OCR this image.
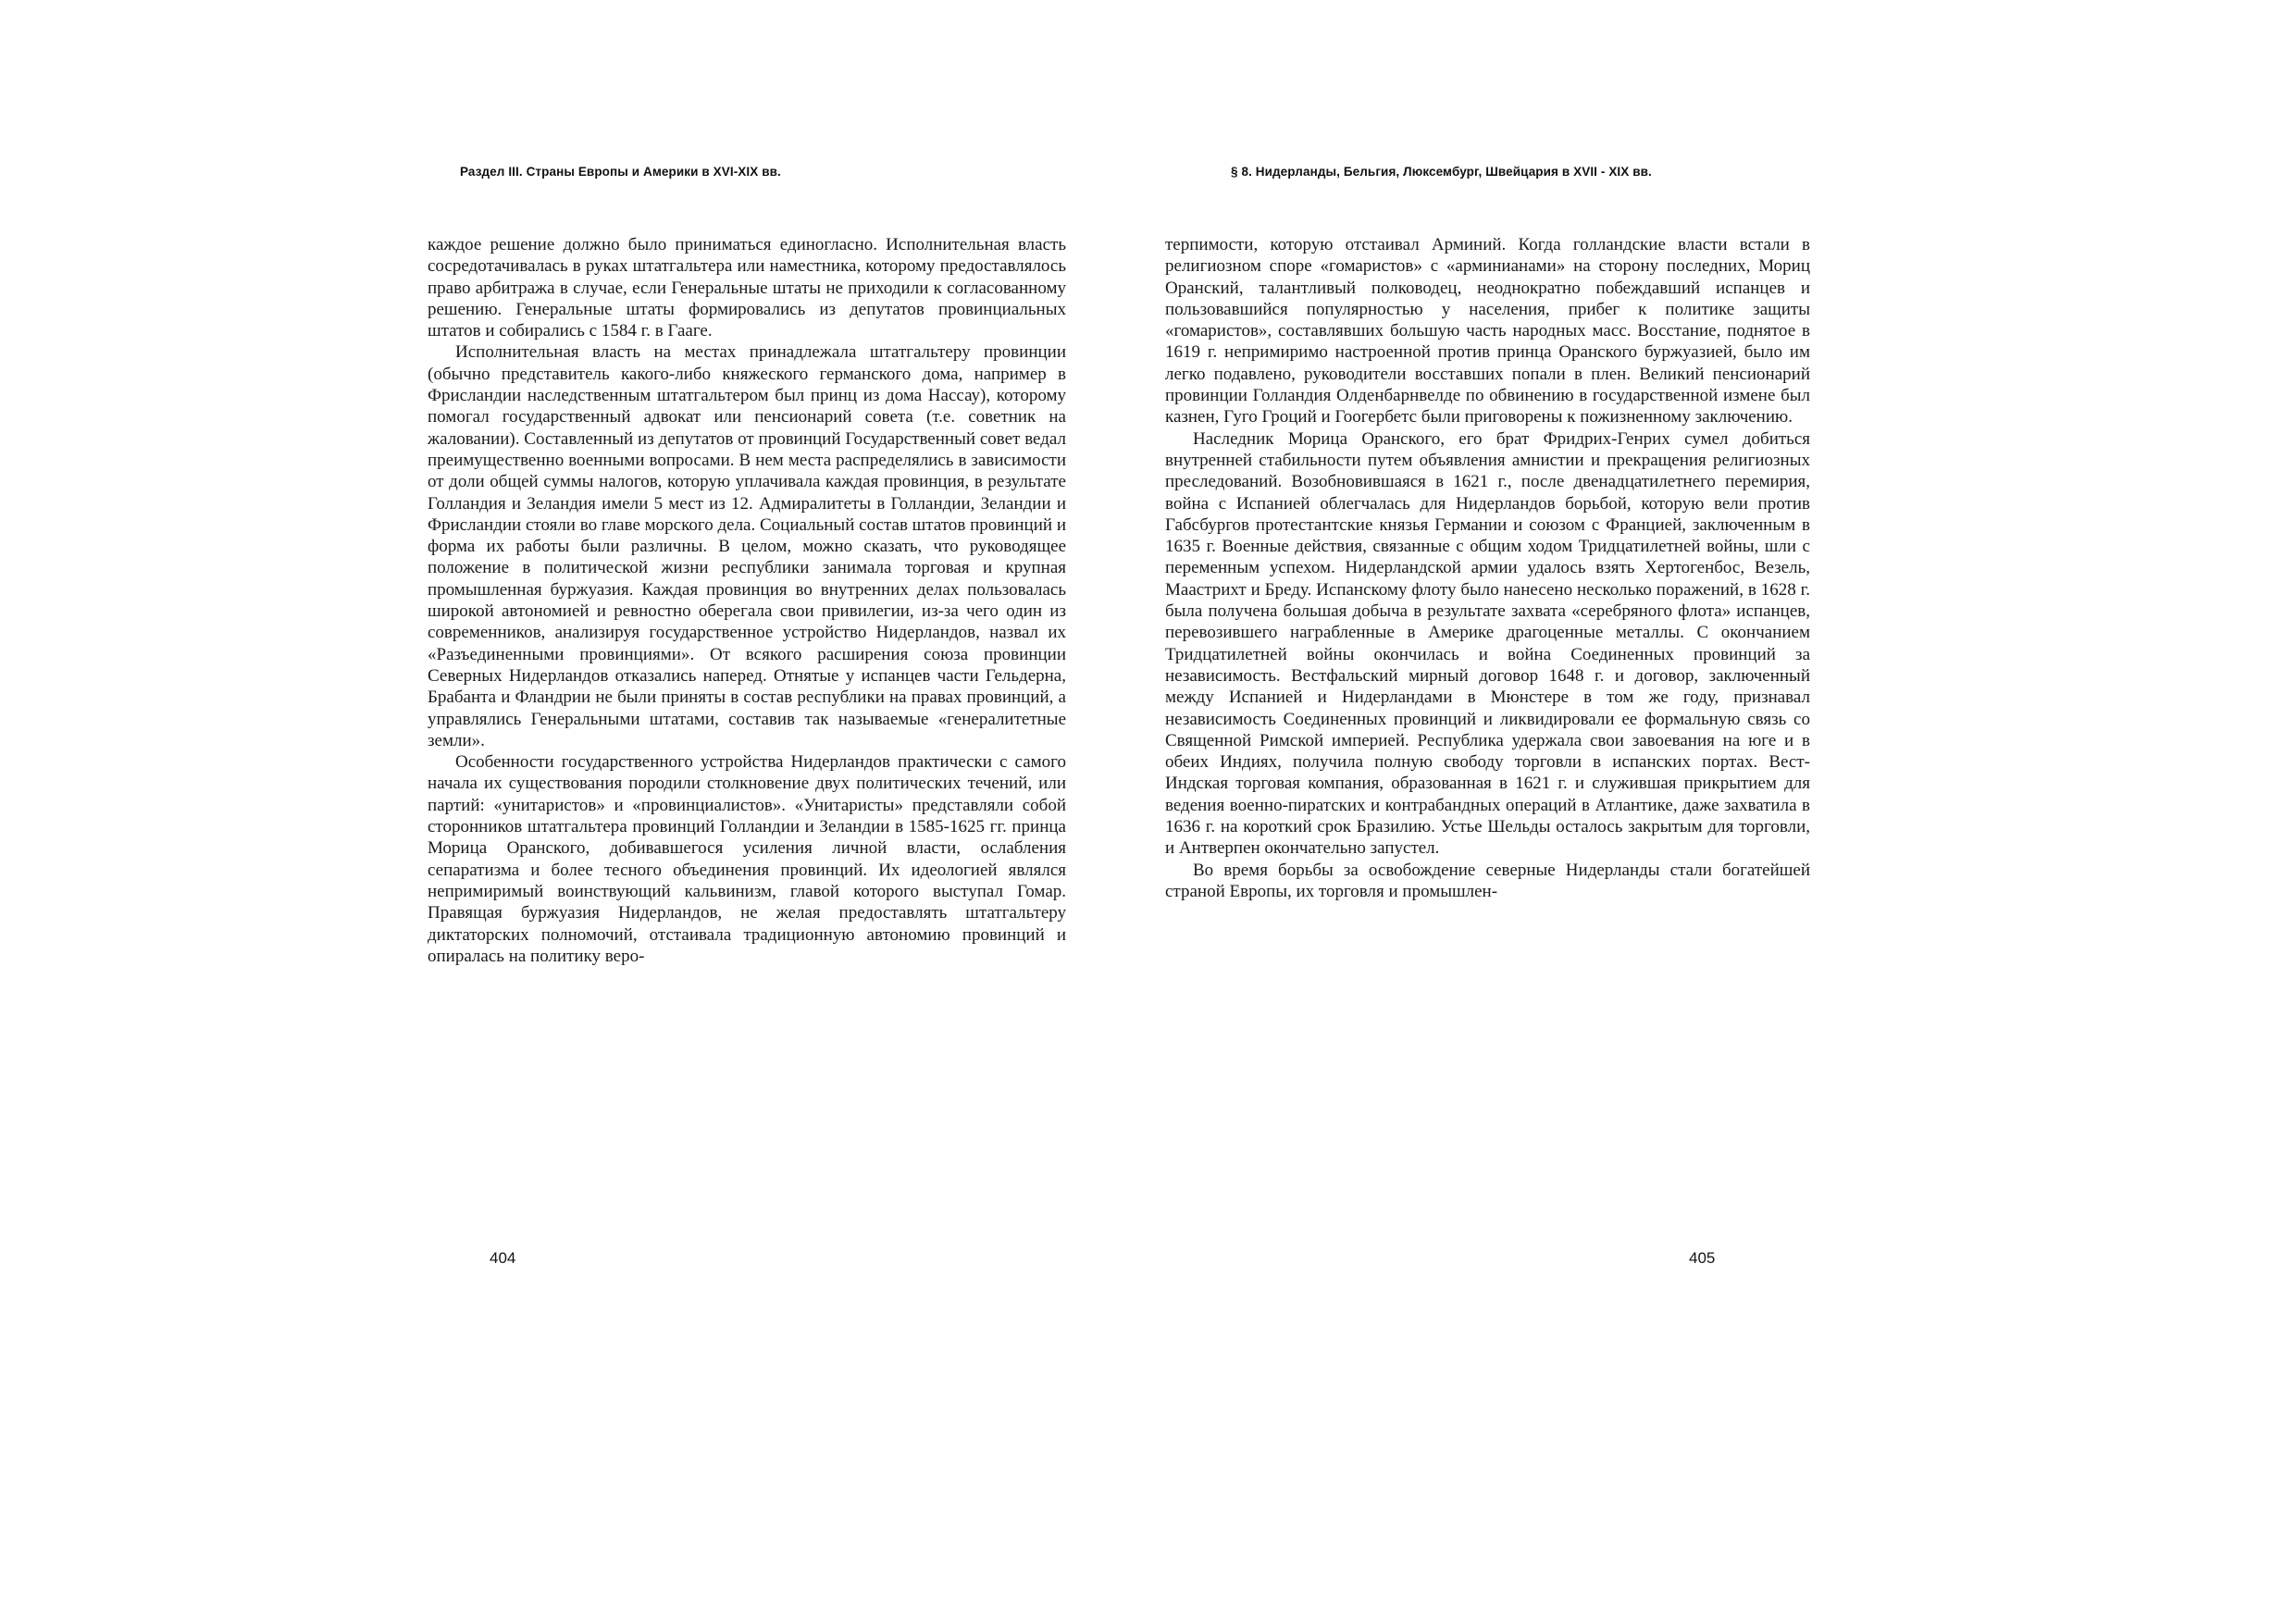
Раздел III. Страны Европы и Америки в XVI-XIX вв.

каждое решение должно было приниматься единогласно. Исполнительная власть сосредотачивалась в руках штатгальтера или наместника, которому предоставлялось право арбитража в случае, если Генеральные штаты не приходили к согласованному решению. Генеральные штаты формировались из депутатов провинциальных штатов и собирались с 1584 г. в Гааге.

Исполнительная власть на местах принадлежала штатгальтеру провинции (обычно представитель какого-либо княжеского германского дома, например в Фрисландии наследственным штатгальтером был принц из дома Нассау), которому помогал государственный адвокат или пенсионарий совета (т.е. советник на жаловании). Составленный из депутатов от провинций Государственный совет ведал преимущественно военными вопросами. В нем места распределялись в зависимости от доли общей суммы налогов, которую уплачивала каждая провинция, в результате Голландия и Зеландия имели 5 мест из 12. Адмиралитеты в Голландии, Зеландии и Фрисландии стояли во главе морского дела. Социальный состав штатов провинций и форма их работы были различны. В целом, можно сказать, что руководящее положение в политической жизни республики занимала торговая и крупная промышленная буржуазия. Каждая провинция во внутренних делах пользовалась широкой автономией и ревностно оберегала свои привилегии, из-за чего один из современников, анализируя государственное устройство Нидерландов, назвал их «Разъединенными провинциями». От всякого расширения союза провинции Северных Нидерландов отказались наперед. Отнятые у испанцев части Гельдерна, Брабанта и Фландрии не были приняты в состав республики на правах провинций, а управлялись Генеральными штатами, составив так называемые «генералитетные земли».

Особенности государственного устройства Нидерландов практически с самого начала их существования породили столкновение двух политических течений, или партий: «унитаристов» и «провинциалистов». «Унитаристы» представляли собой сторонников штатгальтера провинций Голландии и Зеландии в 1585-1625 гг. принца Морица Оранского, добивавшегося усиления личной власти, ослабления сепаратизма и более тесного объединения провинций. Их идеологией являлся непримиримый воинствующий кальвинизм, главой которого выступал Гомар. Правящая буржуазия Нидерландов, не желая предоставлять штатгальтеру диктаторских полномочий, отстаивала традиционную автономию провинций и опиралась на политику веро-

404
§ 8. Нидерланды, Бельгия, Люксембург, Швейцария в XVII - XIX вв.

терпимости, которую отстаивал Арминий. Когда голландские власти встали в религиозном споре «гомаристов» с «арминианами» на сторону последних, Мориц Оранский, талантливый полководец, неоднократно побеждавший испанцев и пользовавшийся популярностью у населения, прибег к политике защиты «гомаристов», составлявших большую часть народных масс. Восстание, поднятое в 1619 г. непримиримо настроенной против принца Оранского буржуазией, было им легко подавлено, руководители восставших попали в плен. Великий пенсионарий провинции Голландия Олденбарнвелде по обвинению в государственной измене был казнен, Гуго Гроций и Гоогербетс были приговорены к пожизненному заключению.

Наследник Морица Оранского, его брат Фридрих-Генрих сумел добиться внутренней стабильности путем объявления амнистии и прекращения религиозных преследований. Возобновившаяся в 1621 г., после двенадцатилетнего перемирия, война с Испанией облегчалась для Нидерландов борьбой, которую вели против Габсбургов протестантские князья Германии и союзом с Францией, заключенным в 1635 г. Военные действия, связанные с общим ходом Тридцатилетней войны, шли с переменным успехом. Нидерландской армии удалось взять Хертогенбос, Везель, Маастрихт и Бреду. Испанскому флоту было нанесено несколько поражений, в 1628 г. была получена большая добыча в результате захвата «серебряного флота» испанцев, перевозившего награбленные в Америке драгоценные металлы. С окончанием Тридцатилетней войны окончилась и война Соединенных провинций за независимость. Вестфальский мирный договор 1648 г. и договор, заключенный между Испанией и Нидерландами в Мюнстере в том же году, признавал независимость Соединенных провинций и ликвидировали ее формальную связь со Священной Римской империей. Республика удержала свои завоевания на юге и в обеих Индиях, получила полную свободу торговли в испанских портах. Вест-Индская торговая компания, образованная в 1621 г. и служившая прикрытием для ведения военно-пиратских и контрабандных операций в Атлантике, даже захватила в 1636 г. на короткий срок Бразилию. Устье Шельды осталось закрытым для торговли, и Антверпен окончательно запустел.

Во время борьбы за освобождение северные Нидерланды стали богатейшей страной Европы, их торговля и промышлен-

405
